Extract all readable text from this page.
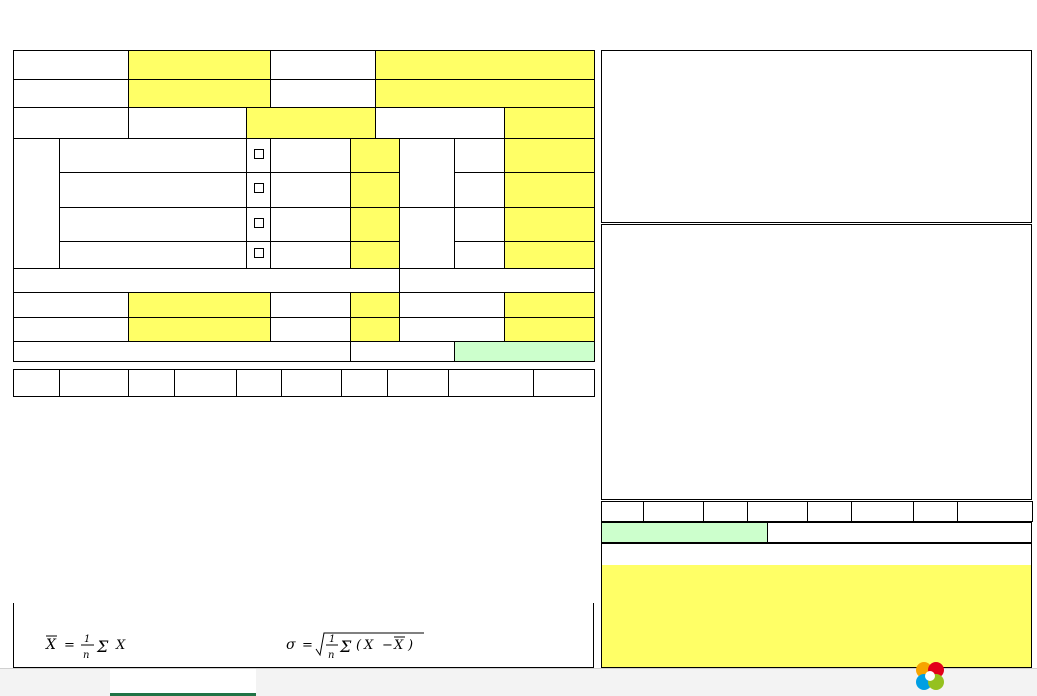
X = 1
n Σ X	σ = 1
n Σ ( X − X )
